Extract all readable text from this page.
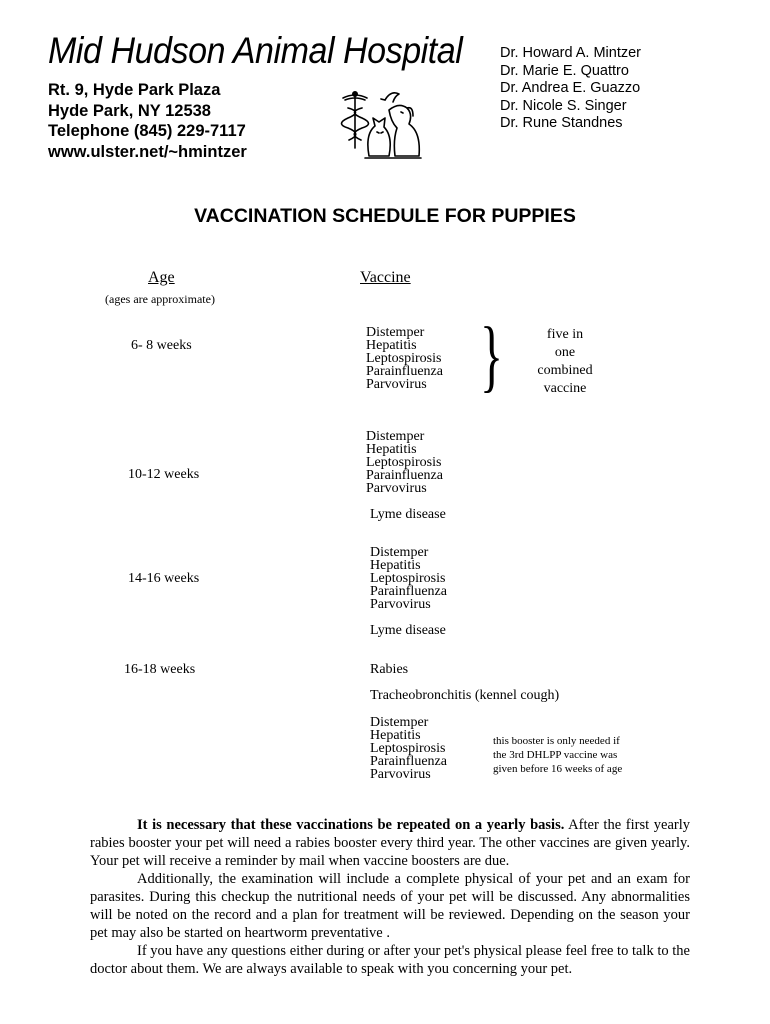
Mid Hudson Animal Hospital
Rt. 9, Hyde Park Plaza
Hyde Park, NY 12538
Telephone (845) 229-7117
www.ulster.net/~hmintzer
Dr. Howard A. Mintzer
Dr. Marie E. Quattro
Dr. Andrea E. Guazzo
Dr. Nicole S. Singer
Dr. Rune Standnes
VACCINATION SCHEDULE FOR PUPPIES
Age
(ages are approximate)
Vaccine
6- 8 weeks
Distemper
Hepatitis
Leptospirosis
Parainfluenza
Parvovirus }	five in
one
combined
vaccine
Distemper
Hepatitis
Leptospirosis
Parainfluenza
Parvovirus
10-12 weeks
Lyme disease
Distemper
Hepatitis
Leptospirosis
Parainfluenza
Parvovirus
14-16 weeks
Lyme disease
16-18 weeks	Rabies
Tracheobronchitis (kennel cough)
Distemper
Hepatitis
Leptospirosis
Parainfluenza
Parvovirus
this booster is only needed if
the 3rd DHLPP vaccine was
given before 16 weeks of age

It is necessary that these vaccinations be repeated on a yearly basis. After the first yearly rabies booster your pet will need a rabies booster every third year. The other vaccines are given yearly. Your pet will receive a reminder by mail when vaccine boosters are due.

Additionally, the examination will include a complete physical of your pet and an exam for parasites. During this checkup the nutritional needs of your pet will be discussed. Any abnormalities will be noted on the record and a plan for treatment will be reviewed. Depending on the season your pet may also be started on heartworm preventative .

If you have any questions either during or after your pet's physical please feel free to talk to the doctor about them. We are always available to speak with you concerning your pet.
